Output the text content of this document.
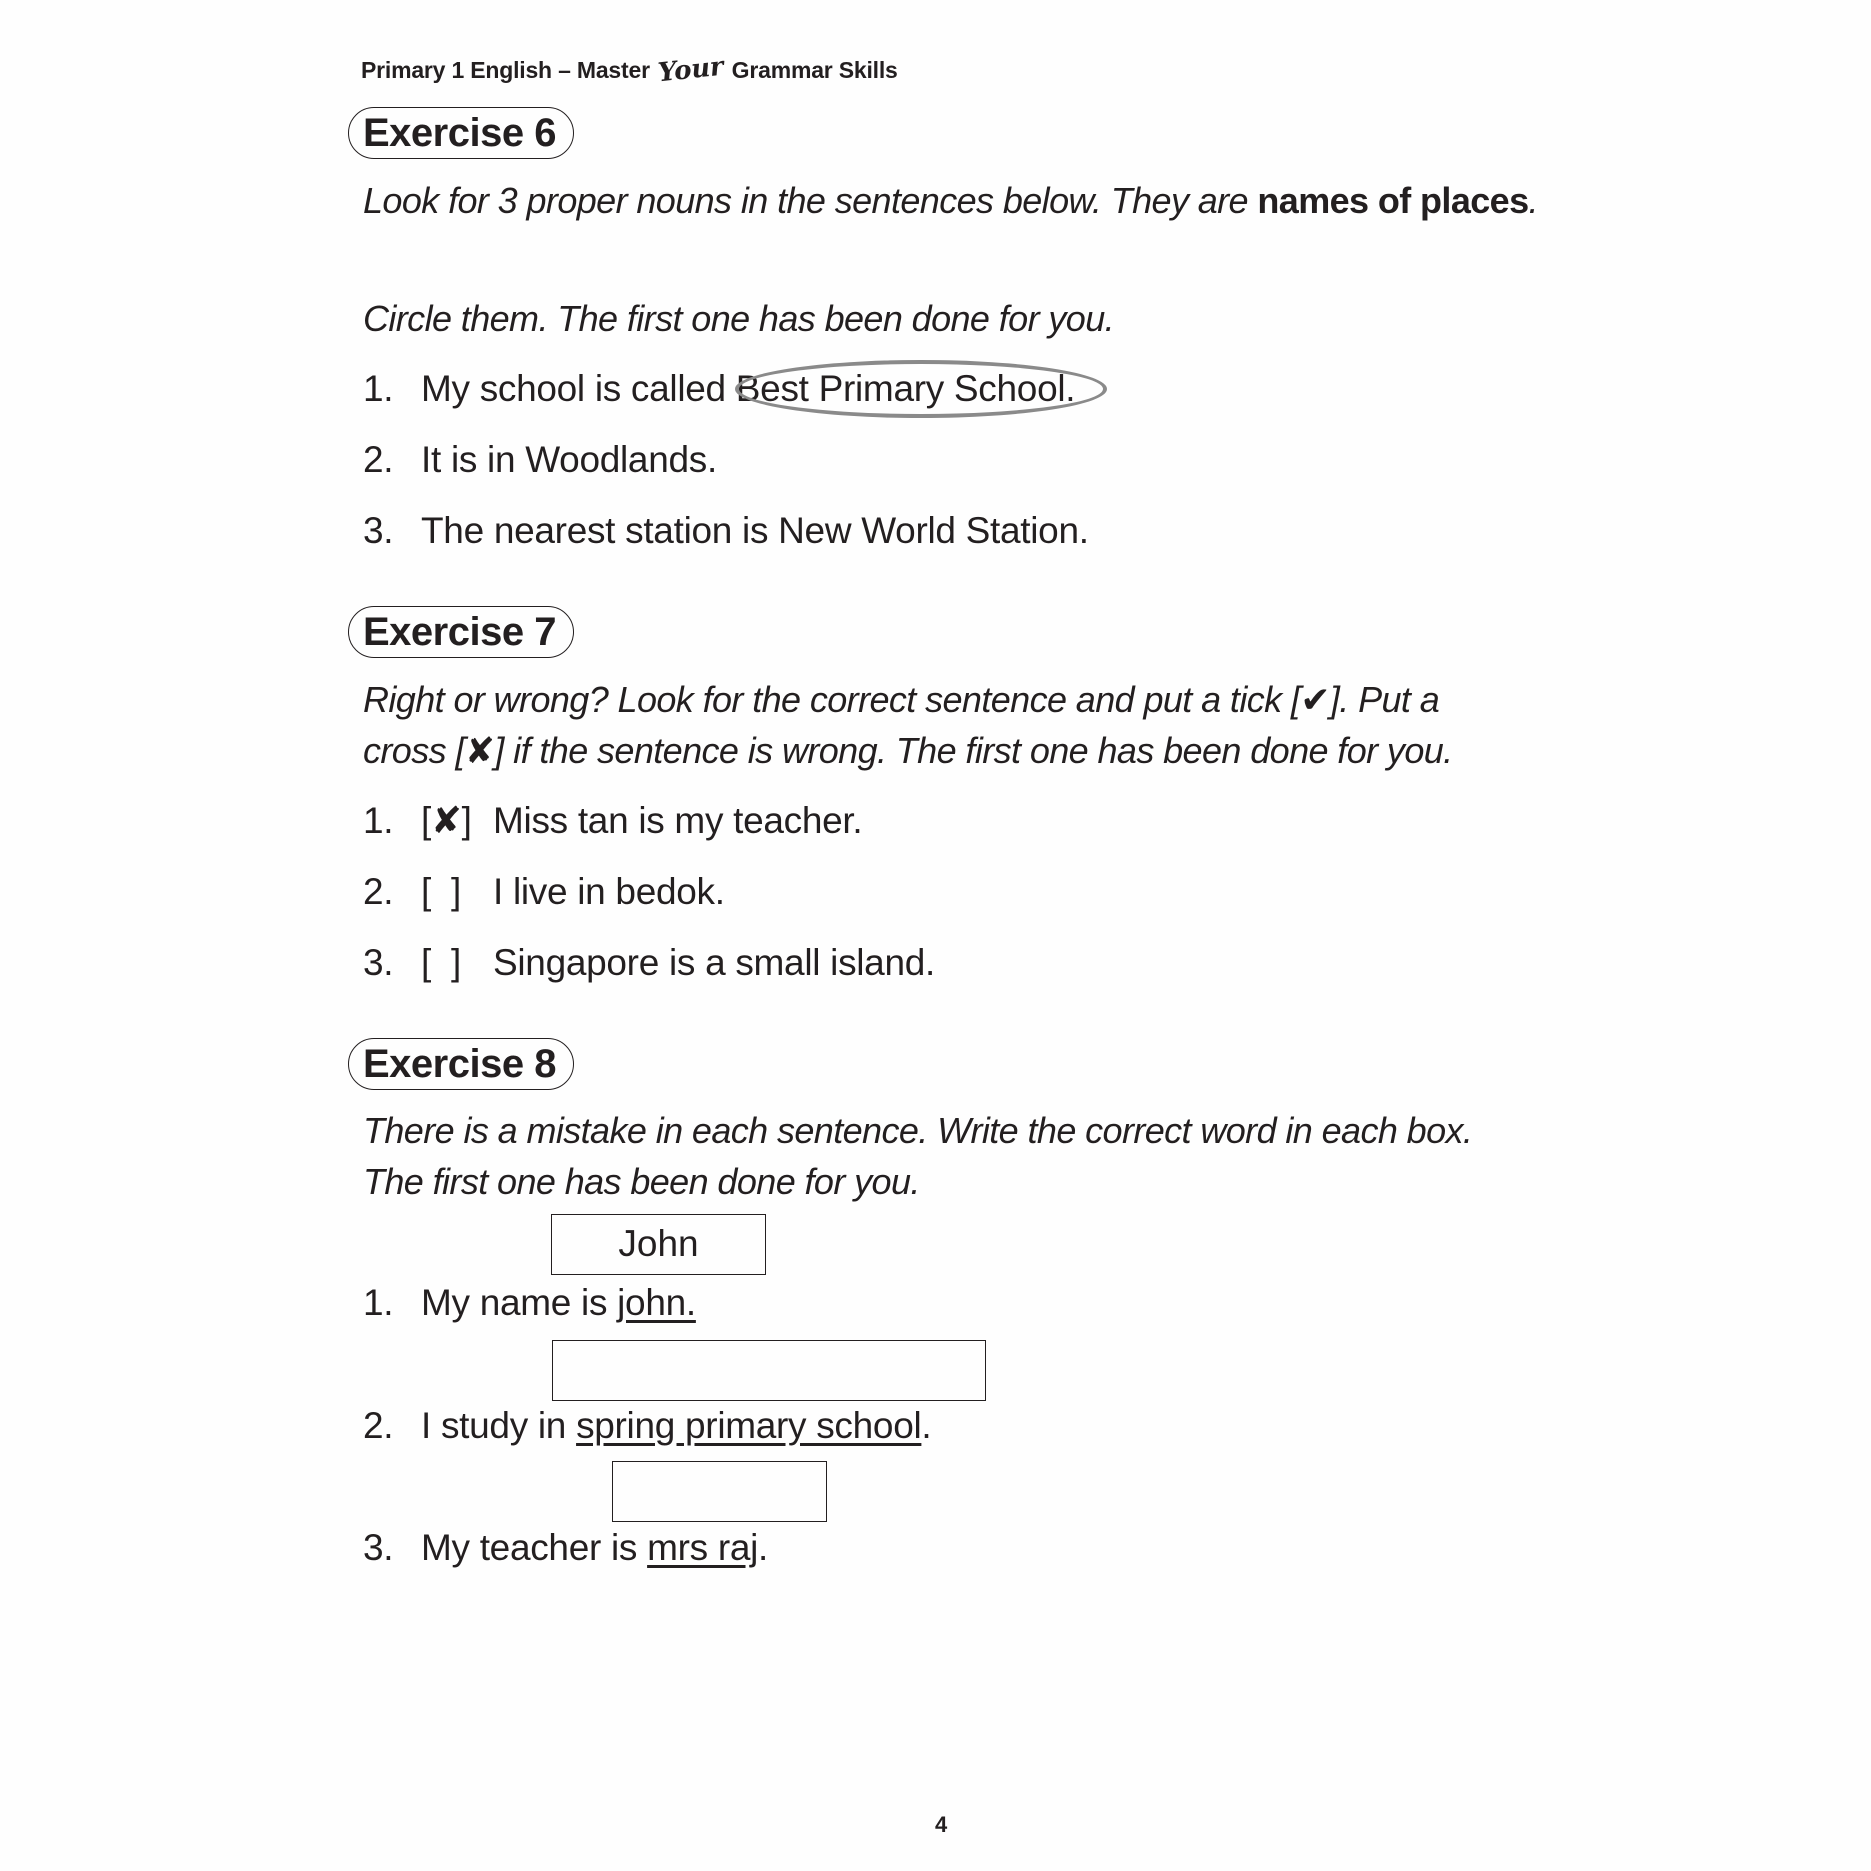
Primary 1 English – Master Your Grammar Skills
Exercise 6
Look for 3 proper nouns in the sentences below. They are names of places.
Circle them. The first one has been done for you.
1. My school is called Best Primary School.
2. It is in Woodlands.
3. The nearest station is New World Station.
Exercise 7
Right or wrong? Look for the correct sentence and put a tick [✔]. Put a
cross [✘] if the sentence is wrong. The first one has been done for you.
1. [✘] Miss tan is my teacher.
2. [  ] I live in bedok.
3. [  ] Singapore is a small island.
Exercise 8
There is a mistake in each sentence. Write the correct word in each box.
The first one has been done for you.
John
1. My name is john.
2. I study in spring primary school.
3. My teacher is mrs raj.
4
